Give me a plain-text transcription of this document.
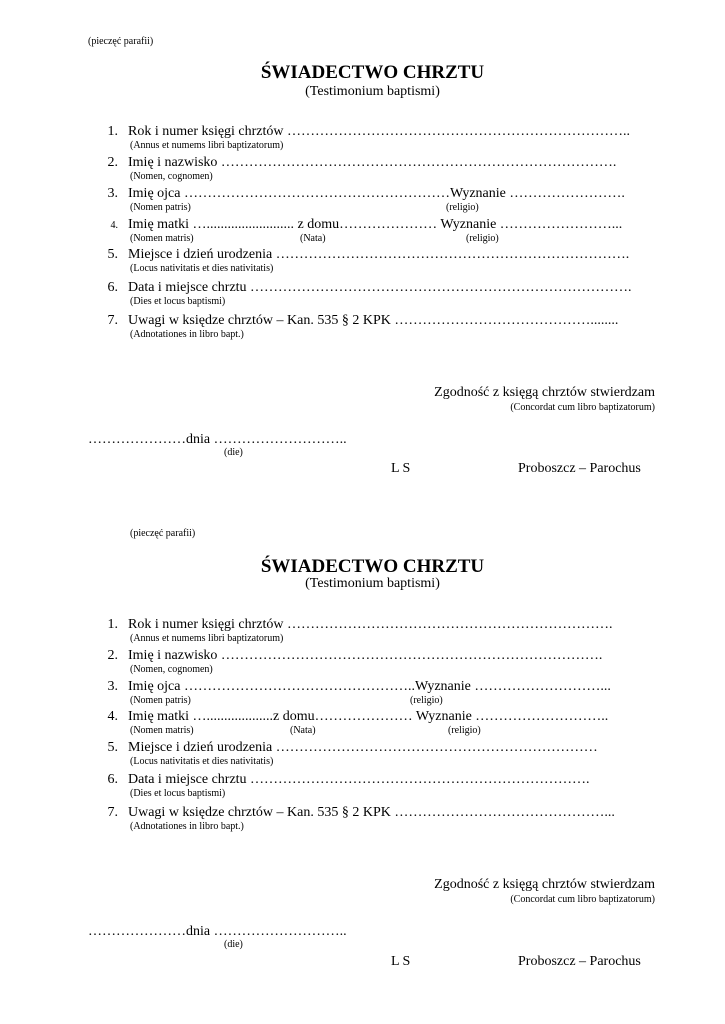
(pieczęć parafii)
ŚWIADECTWO CHRZTU
(Testimonium baptismi)
1. Rok i numer księgi chrztów ………………………………………………………………..
(Annus et numems libri baptizatorum)
2. Imię i nazwisko ………………………………………………………………………….
(Nomen, cognomen)
3. Imię ojca …………………………………………………Wyznanie …………………….
(Nomen patris)	(religio)
4. Imię matki …......................... z domu………………… Wyznanie ……………………...
(Nomen matris)	(Nata)	(religio)
5. Miejsce i dzień urodzenia ………………………………………………………………….
(Locus nativitatis et dies nativitatis)
6. Data i miejsce chrztu ……………………………………………………………………….
(Dies et locus baptismi)
7. Uwagi w księdze chrztów – Kan. 535 § 2 KPK ……………………………………........
(Adnotationes in libro bapt.)
Zgodność z księgą chrztów stwierdzam
(Concordat cum libro baptizatorum)
…………………dnia ………………………..
(die)
L S	Proboszcz – Parochus
(pieczęć parafii)
ŚWIADECTWO CHRZTU
(Testimonium baptismi)
1. Rok i numer księgi chrztów …………………………………………………………….
(Annus et numems libri baptizatorum)
2. Imię i nazwisko ……………………………………………………………………….
(Nomen, cognomen)
3. Imię ojca …………………………………………..Wyznanie ………………………...
(Nomen patris)	(religio)
4. Imię matki …...................z domu………………… Wyznanie ………………………..
(Nomen matris)	(Nata)	(religio)
5. Miejsce i dzień urodzenia ……………………………………………………………
(Locus nativitatis et dies nativitatis)
6. Data i miejsce chrztu ……………………………………………………………….
(Dies et locus baptismi)
7. Uwagi w księdze chrztów – Kan. 535 § 2 KPK ………………………………………...
(Adnotationes in libro bapt.)
Zgodność z księgą chrztów stwierdzam
(Concordat cum libro baptizatorum)
…………………dnia ………………………..
(die)
L S	Proboszcz – Parochus
